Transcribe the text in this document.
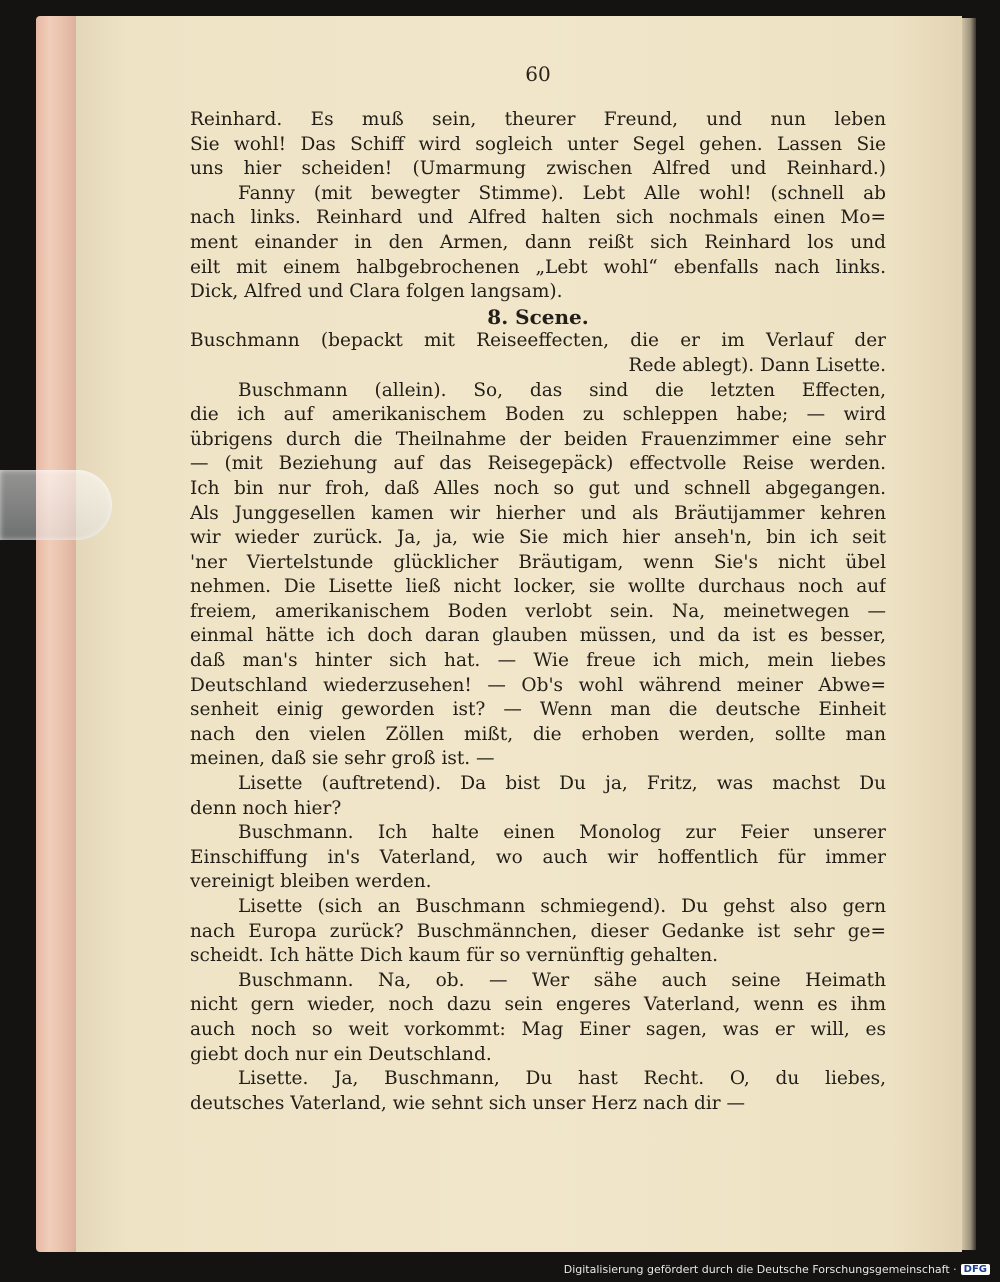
60
Reinhard. Es muß sein, theurer Freund, und nun leben
Sie wohl! Das Schiff wird sogleich unter Segel gehen. Lassen Sie
uns hier scheiden! (Umarmung zwischen Alfred und Reinhard.)
Fanny (mit bewegter Stimme). Lebt Alle wohl! (schnell ab
nach links. Reinhard und Alfred halten sich nochmals einen Mo=
ment einander in den Armen, dann reißt sich Reinhard los und
eilt mit einem halbgebrochenen „Lebt wohl“ ebenfalls nach links.
Dick, Alfred und Clara folgen langsam).
8. Scene.
Buschmann (bepackt mit Reiseeffecten, die er im Verlauf der
Rede ablegt). Dann Lisette.
Buschmann (allein). So, das sind die letzten Effecten,
die ich auf amerikanischem Boden zu schleppen habe; — wird
übrigens durch die Theilnahme der beiden Frauenzimmer eine sehr
— (mit Beziehung auf das Reisegepäck) effectvolle Reise werden.
Ich bin nur froh, daß Alles noch so gut und schnell abgegangen.
Als Junggesellen kamen wir hierher und als Bräutijammer kehren
wir wieder zurück. Ja, ja, wie Sie mich hier anseh'n, bin ich seit
'ner Viertelstunde glücklicher Bräutigam, wenn Sie's nicht übel
nehmen. Die Lisette ließ nicht locker, sie wollte durchaus noch auf
freiem, amerikanischem Boden verlobt sein. Na, meinetwegen —
einmal hätte ich doch daran glauben müssen, und da ist es besser,
daß man's hinter sich hat. — Wie freue ich mich, mein liebes
Deutschland wiederzusehen! — Ob's wohl während meiner Abwe=
senheit einig geworden ist? — Wenn man die deutsche Einheit
nach den vielen Zöllen mißt, die erhoben werden, sollte man
meinen, daß sie sehr groß ist. —
Lisette (auftretend). Da bist Du ja, Fritz, was machst Du
denn noch hier?
Buschmann. Ich halte einen Monolog zur Feier unserer
Einschiffung in's Vaterland, wo auch wir hoffentlich für immer
vereinigt bleiben werden.
Lisette (sich an Buschmann schmiegend). Du gehst also gern
nach Europa zurück? Buschmännchen, dieser Gedanke ist sehr ge=
scheidt. Ich hätte Dich kaum für so vernünftig gehalten.
Buschmann. Na, ob. — Wer sähe auch seine Heimath
nicht gern wieder, noch dazu sein engeres Vaterland, wenn es ihm
auch noch so weit vorkommt: Mag Einer sagen, was er will, es
giebt doch nur ein Deutschland.
Lisette. Ja, Buschmann, Du hast Recht. O, du liebes,
deutsches Vaterland, wie sehnt sich unser Herz nach dir —
Digitalisierung gefördert durch die Deutsche Forschungsgemeinschaft · DFG
